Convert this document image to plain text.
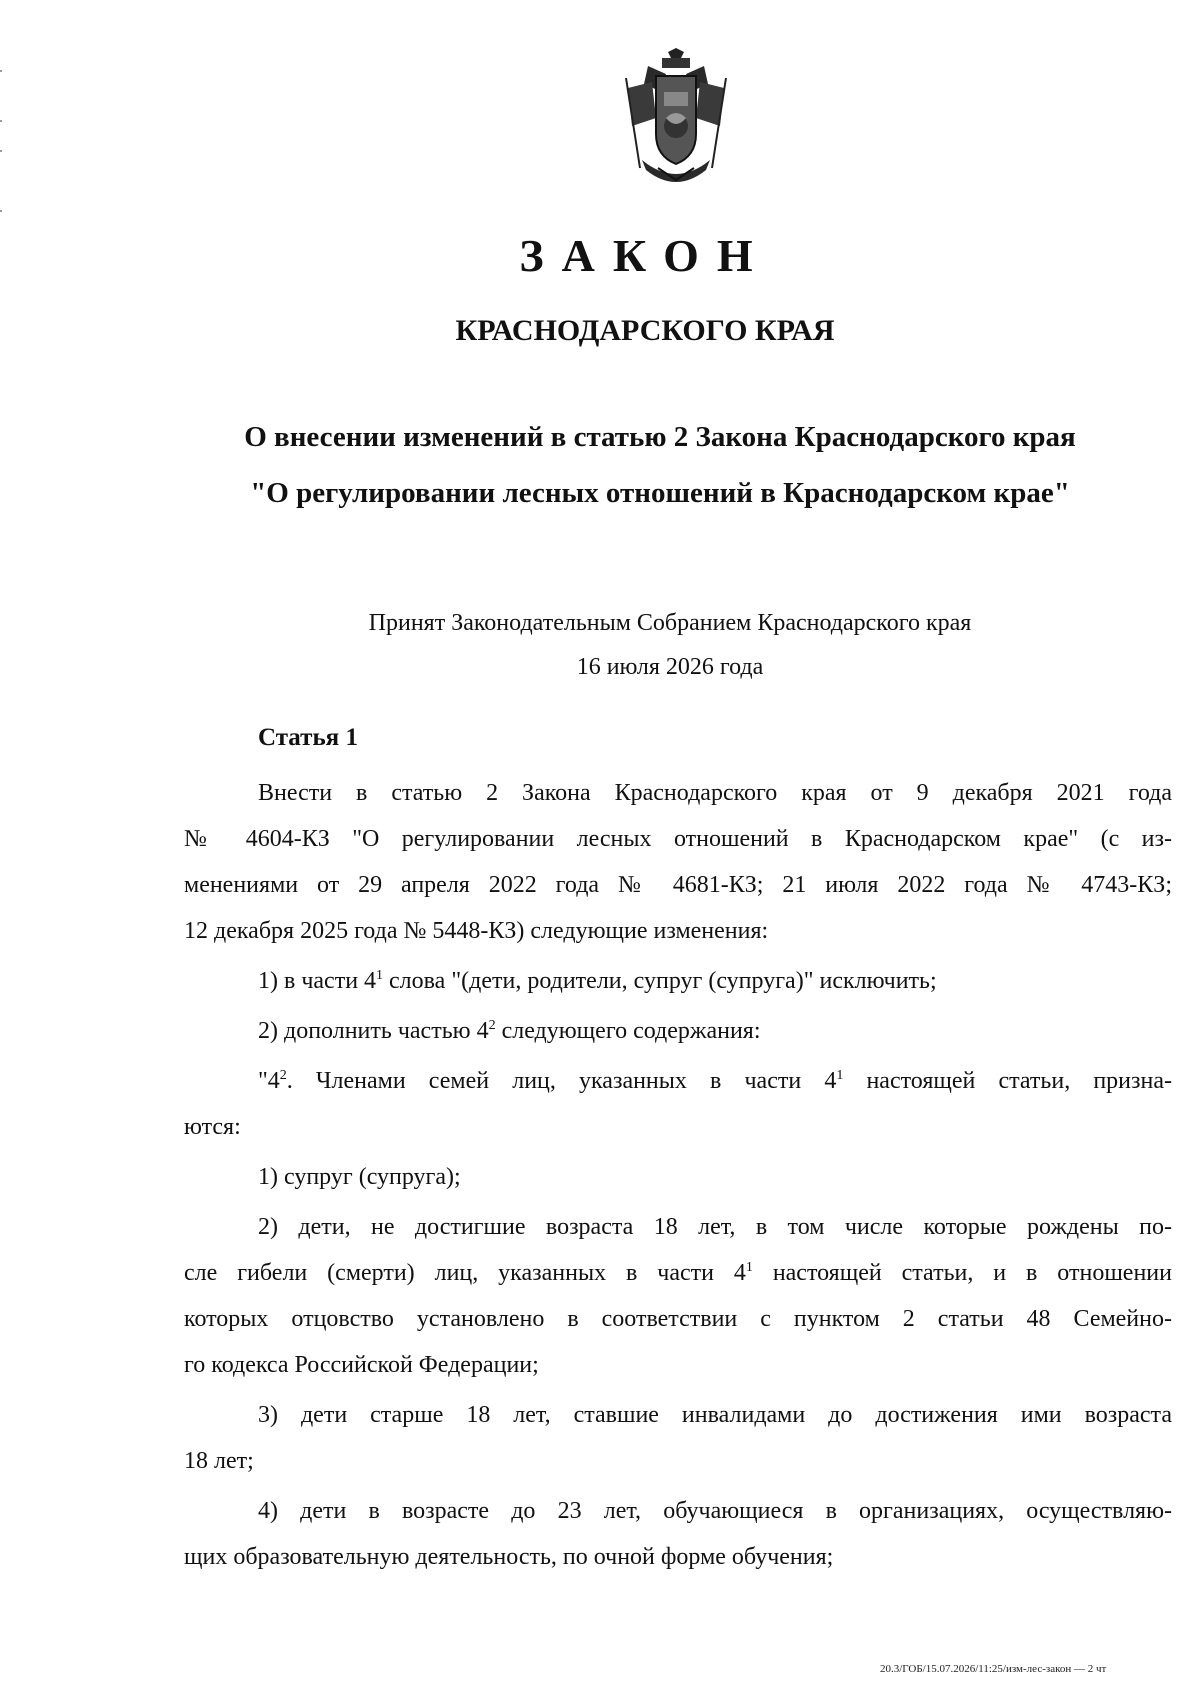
ЗАКОН
КРАСНОДАРСКОГО КРАЯ
О внесении изменений в статью 2 Закона Краснодарского края
"О регулировании лесных отношений в Краснодарском крае"
Принят Законодательным Собранием Краснодарского края
16 июля 2026 года
Статья 1
Внести в статью 2 Закона Краснодарского края от 9 декабря 2021 года
№ 4604-КЗ "О регулировании лесных отношений в Краснодарском крае" (с из-
менениями от 29 апреля 2022 года № 4681-КЗ; 21 июля 2022 года № 4743-КЗ;
12 декабря 2025 года № 5448-КЗ) следующие изменения:
1) в части $4^1$ слова "(дети, родители, супруг (супруга)" исключить;
2) дополнить частью $4^2$ следующего содержания:
"$4^2$. Членами семей лиц, указанных в части $4^1$ настоящей статьи, призна-
ются:
1) супруг (супруга);
2) дети, не достигшие возраста 18 лет, в том числе которые рождены по-
сле гибели (смерти) лиц, указанных в части $4^1$ настоящей статьи, и в отношении
которых отцовство установлено в соответствии с пунктом 2 статьи 48 Семейно-
го кодекса Российской Федерации;
3) дети старше 18 лет, ставшие инвалидами до достижения ими возраста
18 лет;
4) дети в возрасте до 23 лет, обучающиеся в организациях, осуществляю-
щих образовательную деятельность, по очной форме обучения;
20.3/ГОБ/15.07.2026/11:25/изм-лес-закон — 2 чт
